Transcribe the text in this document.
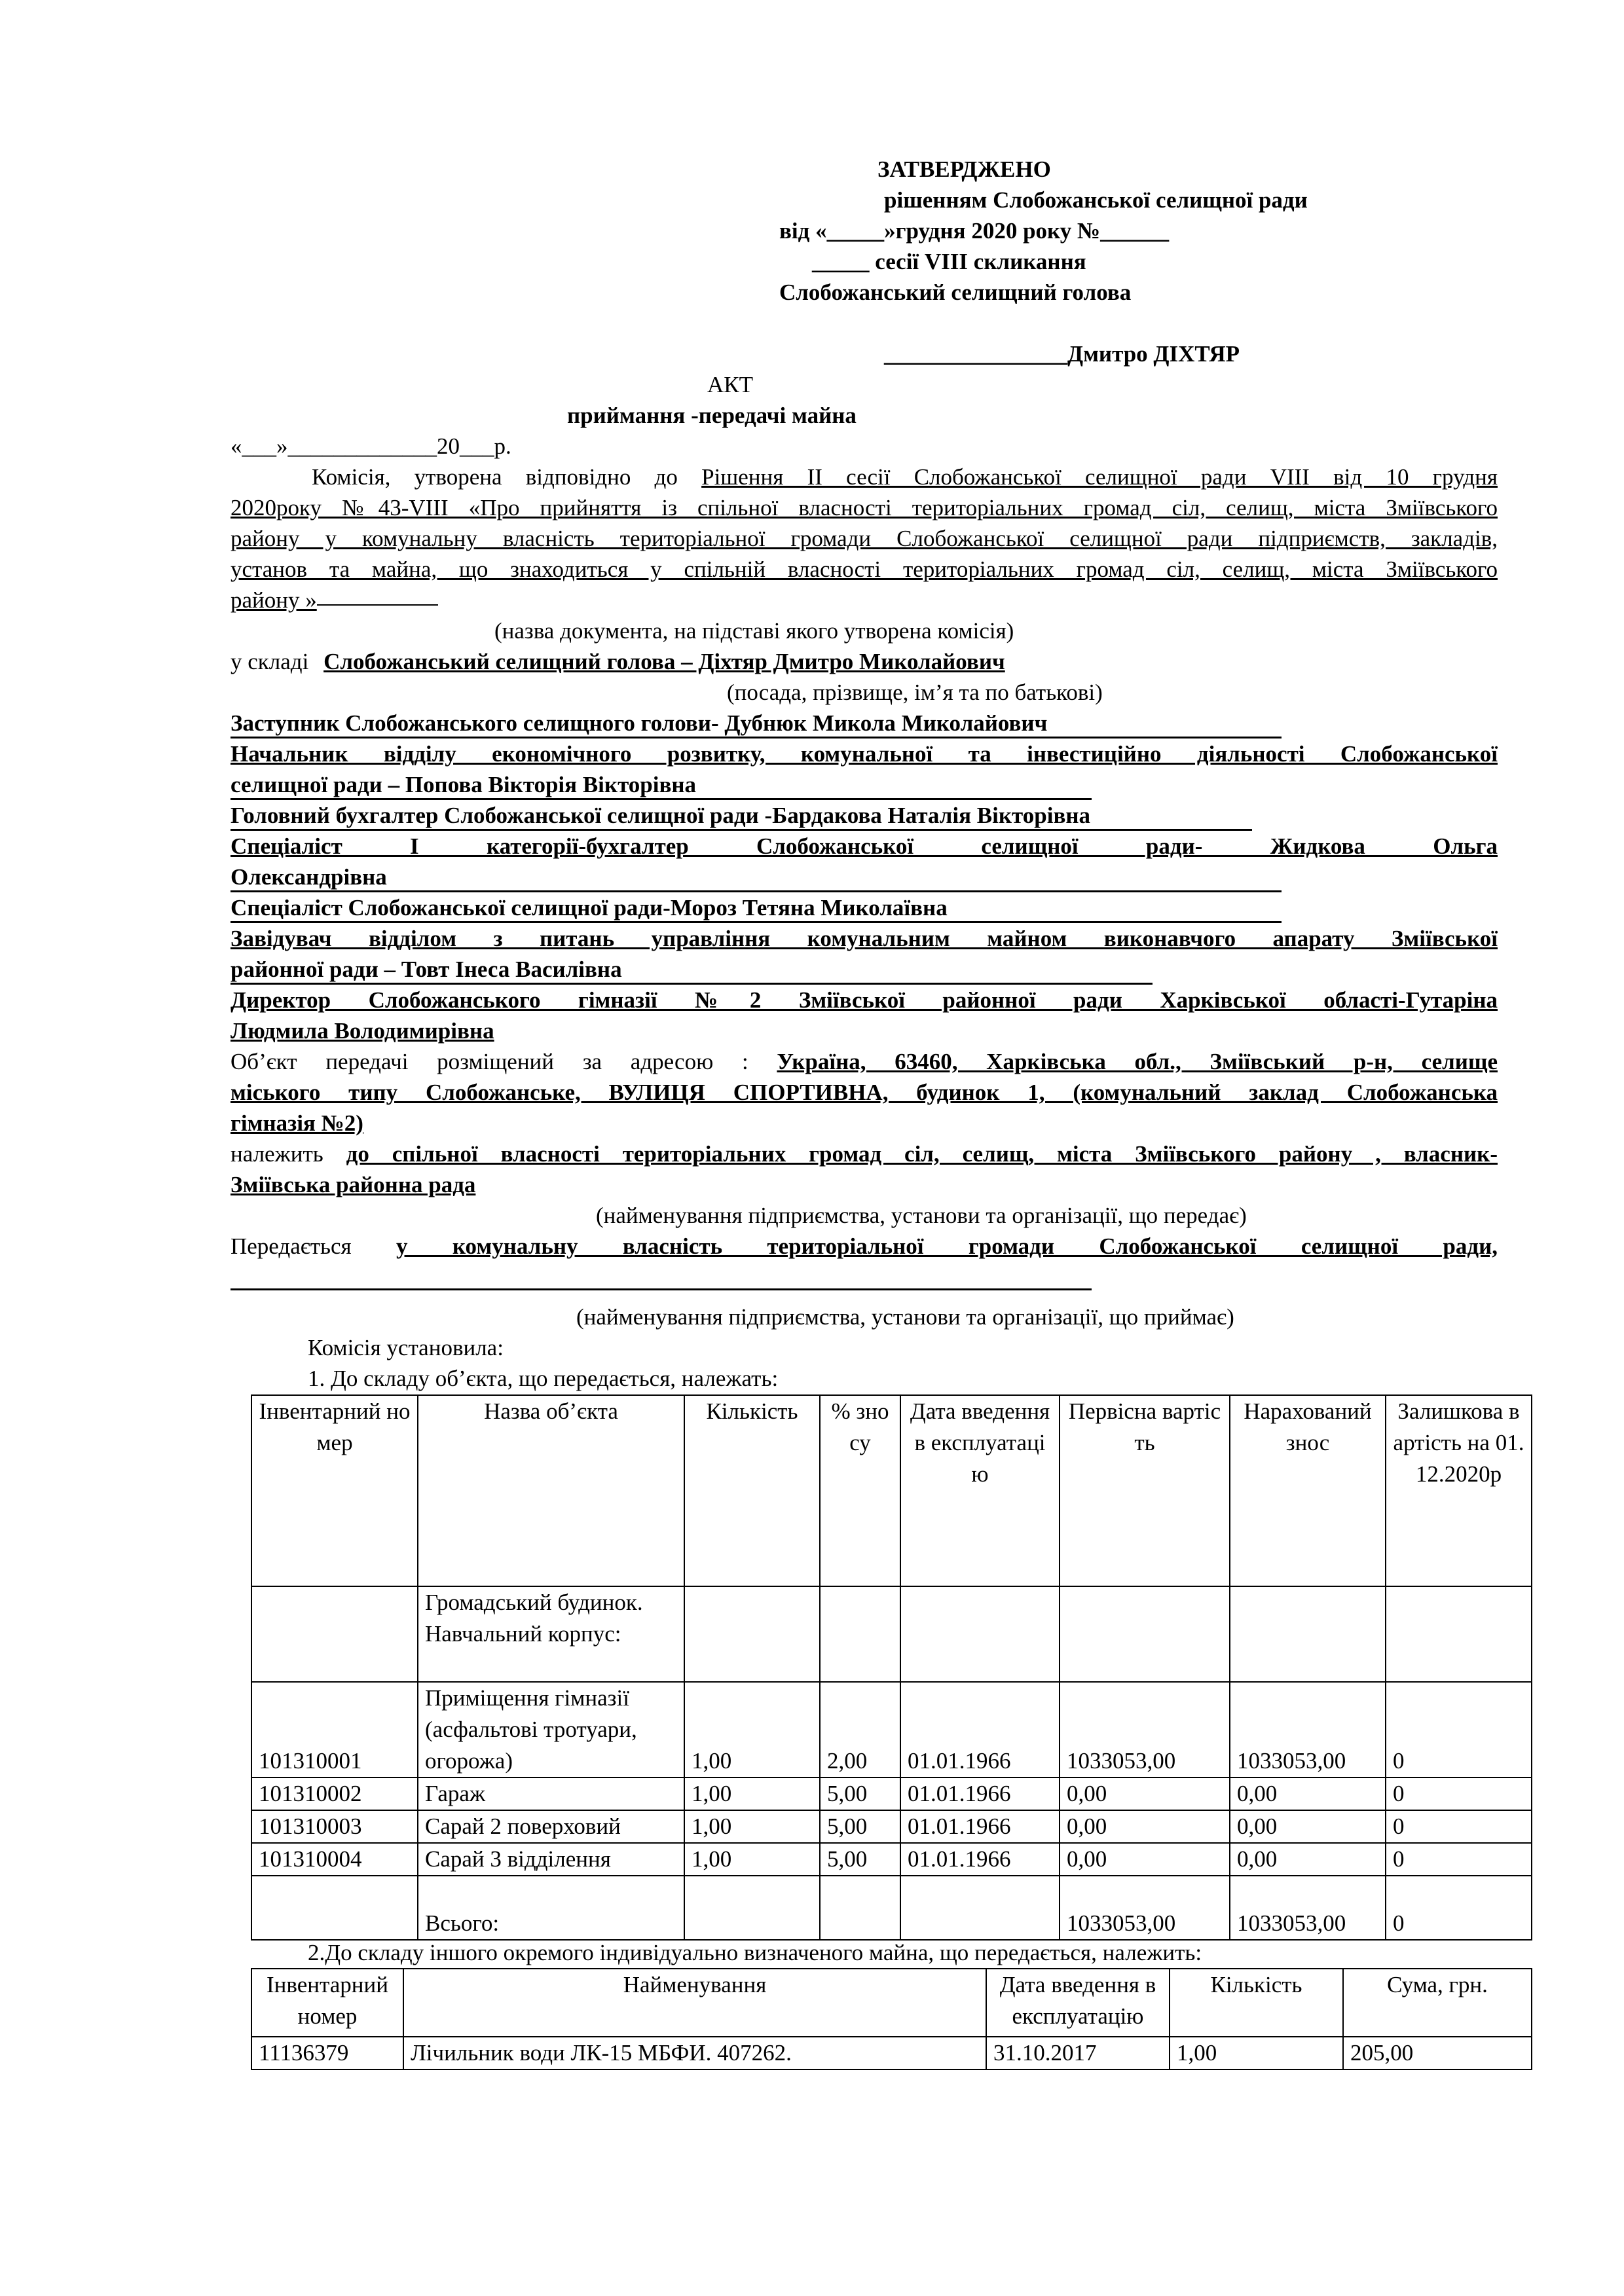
ЗАТВЕРДЖЕНО
рішенням Слобожанської селищної ради
від «_____»грудня 2020 року №______
_____ сесії VIII скликання
Слобожанський селищний голова
________________Дмитро ДІХТЯР
АКТ
приймання -передачі майна
«___»_____________20___р.
Комісія, утворена відповідно до Рішення ІІ сесії Слобожанської селищної ради VIII від 10 грудня
2020року №43-VIII «Про прийняття із спільної власності територіальних громад сіл, селищ, міста Зміївського
району у комунальну власність територіальної громади Слобожанської селищної ради підприємств, закладів,
установ та майна, що знаходиться у спільній власності територіальних громад сіл, селищ, міста Зміївського
району »
(назва документа, на підставі якого утворена комісія)
у складі Слобожанський селищний голова – Діхтяр Дмитро Миколайович
(посада, прізвище, ім’я та по батькові)
Заступник Слобожанського селищного голови- Дубнюк Микола Миколайович
Начальник відділу економічного розвитку, комунальної та інвестиційно діяльності Слобожанської
селищної ради – Попова Вікторія Вікторівна
Головний бухгалтер Слобожанської селищної ради -Бардакова Наталія Вікторівна
Спеціаліст І категорії-бухгалтер Слобожанської селищної ради- Жидкова Ольга
Олександрівна
Спеціаліст Слобожанської селищної ради-Мороз Тетяна Миколаївна
Завідувач відділом з питань управління комунальним майном виконавчого апарату Зміївської
районної ради – Товт Інеса Василівна
Директор Слобожанського гімназії №2 Зміївської районної ради Харківської області-Гутаріна
Людмила Володимирівна
Об’єкт передачі розміщений за адресою : Україна, 63460, Харківська обл., Зміївський р-н, селище
міського типу Слобожанське, ВУЛИЦЯ СПОРТИВНА, будинок 1, (комунальний заклад Слобожанська
гімназія №2)
належить до спільної власності територіальних громад сіл, селищ, міста Зміївського району , власник-
Зміївська районна рада
(найменування підприємства, установи та організації, що передає)
Передається у комунальну власність територіальної громади Слобожанської селищної ради,
(найменування підприємства, установи та організації, що приймає)
Комісія установила:
1. До складу об’єкта, що передається, належать:
Інвентарний номер	Назва об’єкта	Кількість	% зносу	Дата введення в експлуатацію	Первісна вартість	Нарахований знос	Залишкова вартість на 01.12.2020р
	Громадський будинок. Навчальний корпус:						
101310001	Приміщення гімназії (асфальтові тротуари, огорожа)	1,00	2,00	01.01.1966	1033053,00	1033053,00	0
101310002	Гараж	1,00	5,00	01.01.1966	0,00	0,00	0
101310003	Сарай 2 поверховий	1,00	5,00	01.01.1966	0,00	0,00	0
101310004	Сарай 3 відділення	1,00	5,00	01.01.1966	0,00	0,00	0
	Всього:				1033053,00	1033053,00	0
2.До складу іншого окремого індивідуально визначеного майна, що передається, належить:
Інвентарний номер	Найменування	Дата введення в експлуатацію	Кількість	Сума, грн.
11136379	Лічильник води ЛК-15 МБФИ. 407262.	31.10.2017	1,00	205,00
